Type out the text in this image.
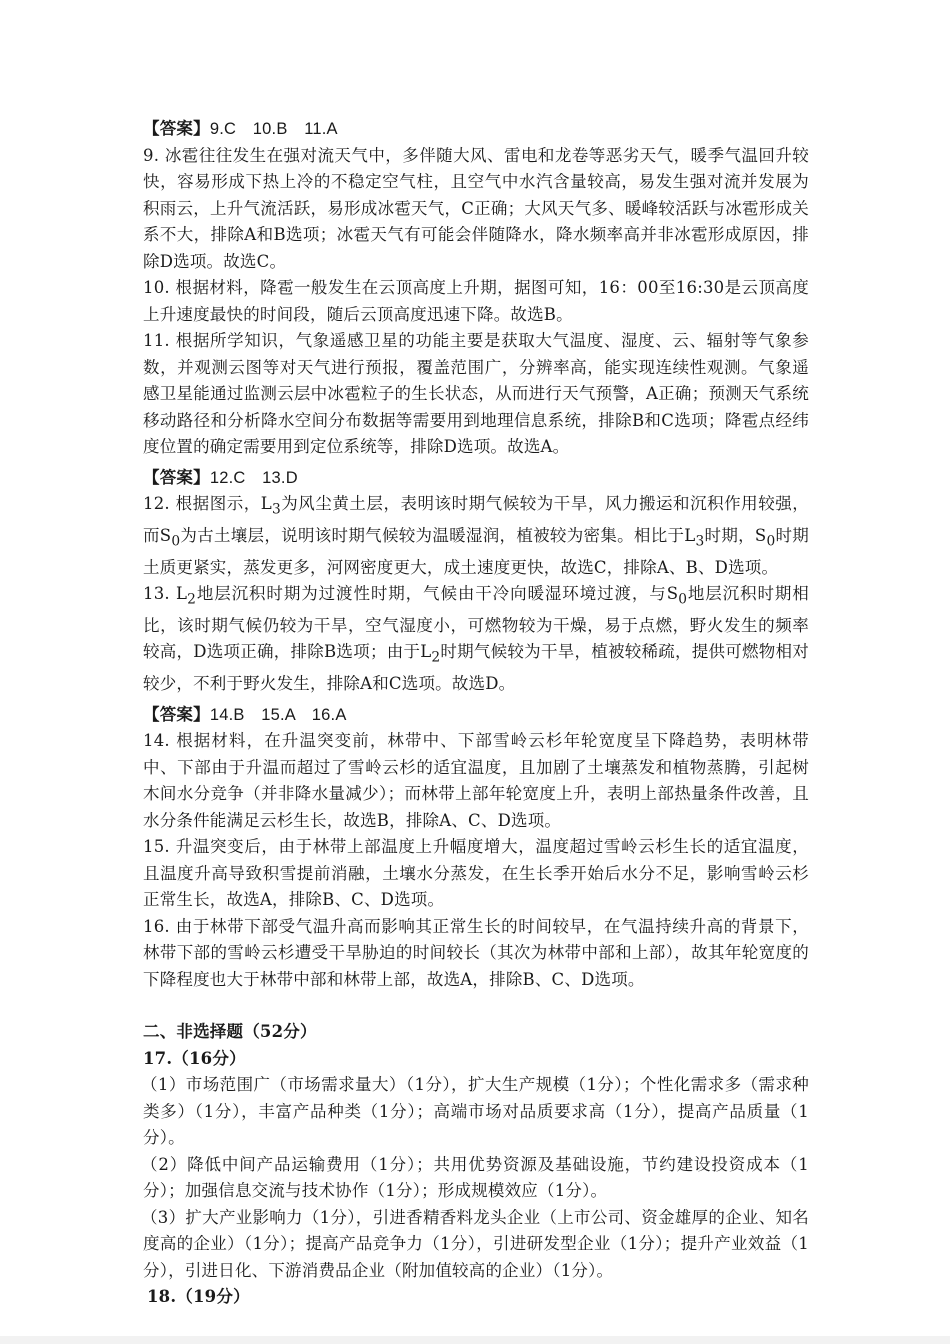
【答案】9.C　10.B　11.A

9. 冰雹往往发生在强对流天气中，多伴随大风、雷电和龙卷等恶劣天气，暖季气温回升较快，容易形成下热上冷的不稳定空气柱，且空气中水汽含量较高，易发生强对流并发展为积雨云，上升气流活跃，易形成冰雹天气，C正确；大风天气多、暖峰较活跃与冰雹形成关系不大，排除A和B选项；冰雹天气有可能会伴随降水，降水频率高并非冰雹形成原因，排除D选项。故选C。

10. 根据材料，降雹一般发生在云顶高度上升期，据图可知，16：00至16:30是云顶高度上升速度最快的时间段，随后云顶高度迅速下降。故选B。

11. 根据所学知识，气象遥感卫星的功能主要是获取大气温度、湿度、云、辐射等气象参数，并观测云图等对天气进行预报，覆盖范围广，分辨率高，能实现连续性观测。气象遥感卫星能通过监测云层中冰雹粒子的生长状态，从而进行天气预警，A正确；预测天气系统移动路径和分析降水空间分布数据等需要用到地理信息系统，排除B和C选项；降雹点经纬度位置的确定需要用到定位系统等，排除D选项。故选A。

【答案】12.C　13.D

12. 根据图示，$L_3$为风尘黄土层，表明该时期气候较为干旱，风力搬运和沉积作用较强，而$S_0$为古土壤层，说明该时期气候较为温暖湿润，植被较为密集。相比于$L_3$时期，$S_0$时期土质更紧实，蒸发更多，河网密度更大，成土速度更快，故选C，排除A、B、D选项。

13. $L_2$地层沉积时期为过渡性时期，气候由干冷向暖湿环境过渡，与$S_0$地层沉积时期相比，该时期气候仍较为干旱，空气湿度小，可燃物较为干燥，易于点燃，野火发生的频率较高，D选项正确，排除B选项；由于$L_2$时期气候较为干旱，植被较稀疏，提供可燃物相对较少，不利于野火发生，排除A和C选项。故选D。

【答案】14.B　15.A　16.A

14. 根据材料，在升温突变前，林带中、下部雪岭云杉年轮宽度呈下降趋势，表明林带中、下部由于升温而超过了雪岭云杉的适宜温度，且加剧了土壤蒸发和植物蒸腾，引起树木间水分竞争（并非降水量减少）；而林带上部年轮宽度上升，表明上部热量条件改善，且水分条件能满足云杉生长，故选B，排除A、C、D选项。

15. 升温突变后，由于林带上部温度上升幅度增大，温度超过雪岭云杉生长的适宜温度，且温度升高导致积雪提前消融，土壤水分蒸发，在生长季开始后水分不足，影响雪岭云杉正常生长，故选A，排除B、C、D选项。

16. 由于林带下部受气温升高而影响其正常生长的时间较早，在气温持续升高的背景下，林带下部的雪岭云杉遭受干旱胁迫的时间较长（其次为林带中部和上部），故其年轮宽度的下降程度也大于林带中部和林带上部，故选A，排除B、C、D选项。

二、非选择题（52分）

17.（16分）

（1）市场范围广（市场需求量大）（1分），扩大生产规模（1分）；个性化需求多（需求种类多）（1分），丰富产品种类（1分）；高端市场对品质要求高（1分），提高产品质量（1分）。

（2）降低中间产品运输费用（1分）；共用优势资源及基础设施，节约建设投资成本（1分）；加强信息交流与技术协作（1分）；形成规模效应（1分）。

（3）扩大产业影响力（1分），引进香精香料龙头企业（上市公司、资金雄厚的企业、知名度高的企业）（1分）；提高产品竞争力（1分），引进研发型企业（1分）；提升产业效益（1分），引进日化、下游消费品企业（附加值较高的企业）（1分）。

18.（19分）
